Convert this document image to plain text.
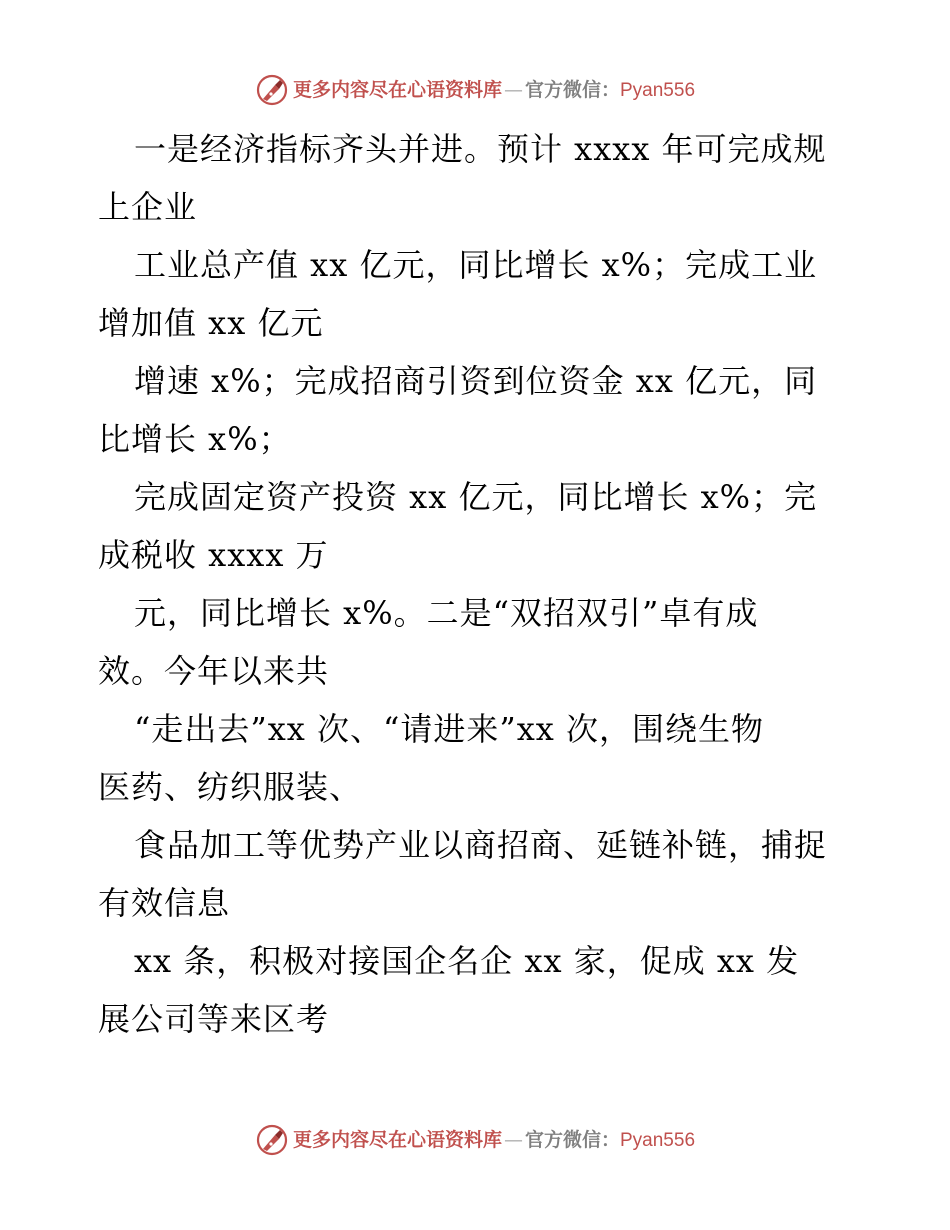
更多内容尽在心语资料库 — 官方微信： Pyan556
一是经济指标齐头并进。预计 xxxx 年可完成规
上企业
工业总产值 xx 亿元，同比增长 x%；完成工业
增加值 xx 亿元
增速 x%；完成招商引资到位资金 xx 亿元，同
比增长 x%；
完成固定资产投资 xx 亿元，同比增长 x%；完
成税收 xxxx 万
元，同比增长 x%。二是“双招双引”卓有成
效。今年以来共
“走出去”xx 次、“请进来”xx 次，围绕生物
医药、纺织服装、
食品加工等优势产业以商招商、延链补链，捕捉
有效信息
xx 条，积极对接国企名企 xx 家，促成 xx 发
展公司等来区考
更多内容尽在心语资料库 — 官方微信： Pyan556
